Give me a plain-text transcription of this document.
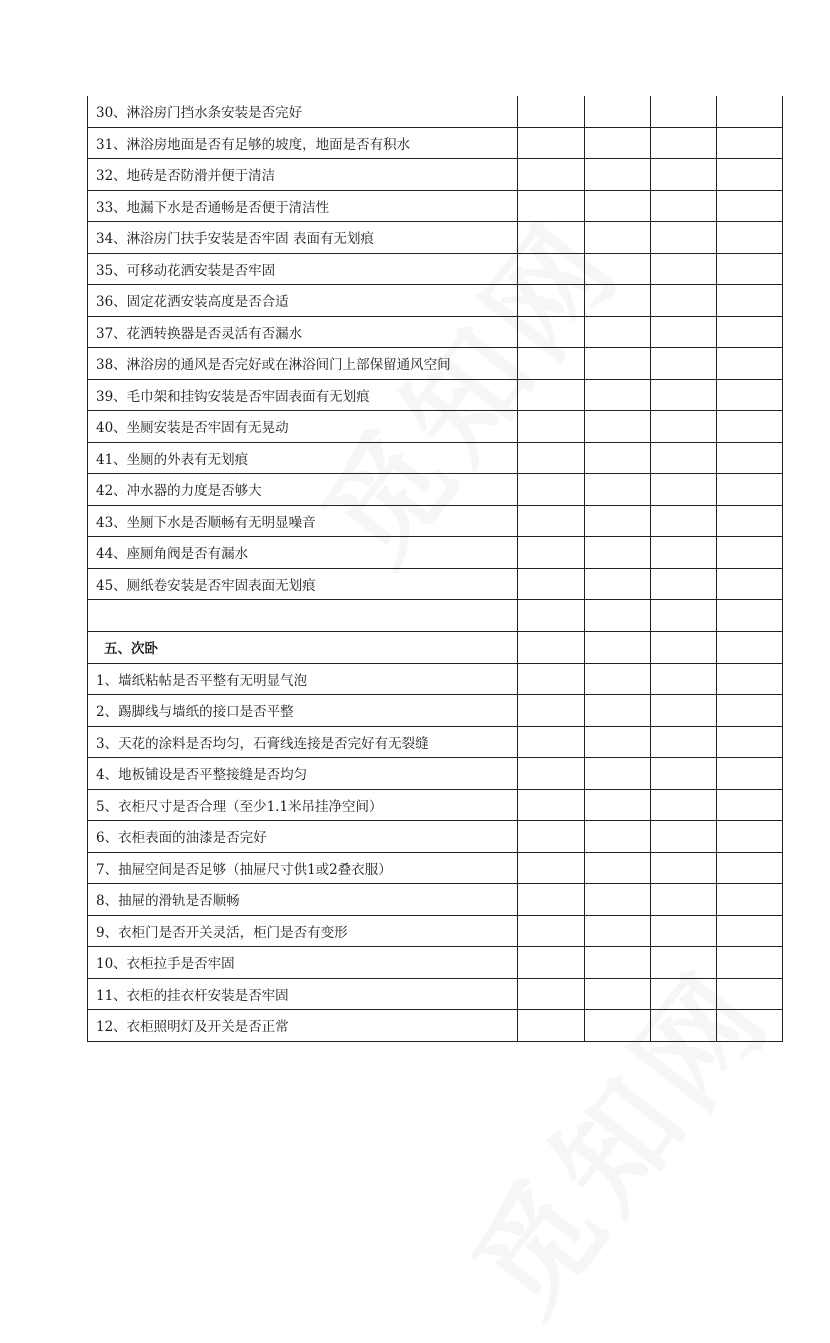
30、淋浴房门挡水条安装是否完好				
31、淋浴房地面是否有足够的坡度，地面是否有积水				
32、地砖是否防滑并便于清洁				
33、地漏下水是否通畅是否便于清洁性				
34、淋浴房门扶手安装是否牢固 表面有无划痕				
35、可移动花洒安装是否牢固				
36、固定花洒安装高度是否合适				
37、花洒转换器是否灵活有否漏水				
38、淋浴房的通风是否完好或在淋浴间门上部保留通风空间				
39、毛巾架和挂钩安装是否牢固表面有无划痕				
40、坐厕安装是否牢固有无晃动				
41、坐厕的外表有无划痕				
42、冲水器的力度是否够大				
43、坐厕下水是否顺畅有无明显噪音				
44、座厕角阀是否有漏水				
45、厕纸卷安装是否牢固表面无划痕				

五、次卧				
1、墙纸粘帖是否平整有无明显气泡				
2、踢脚线与墙纸的接口是否平整				
3、天花的涂料是否均匀，石膏线连接是否完好有无裂缝				
4、地板铺设是否平整接缝是否均匀				
5、衣柜尺寸是否合理（至少1.1米吊挂净空间）				
6、衣柜表面的油漆是否完好				
7、抽屉空间是否足够（抽屉尺寸供1或2叠衣服）				
8、抽屉的滑轨是否顺畅				
9、衣柜门是否开关灵活，柜门是否有变形				
10、衣柜拉手是否牢固				
11、衣柜的挂衣杆安装是否牢固				
12、衣柜照明灯及开关是否正常				
